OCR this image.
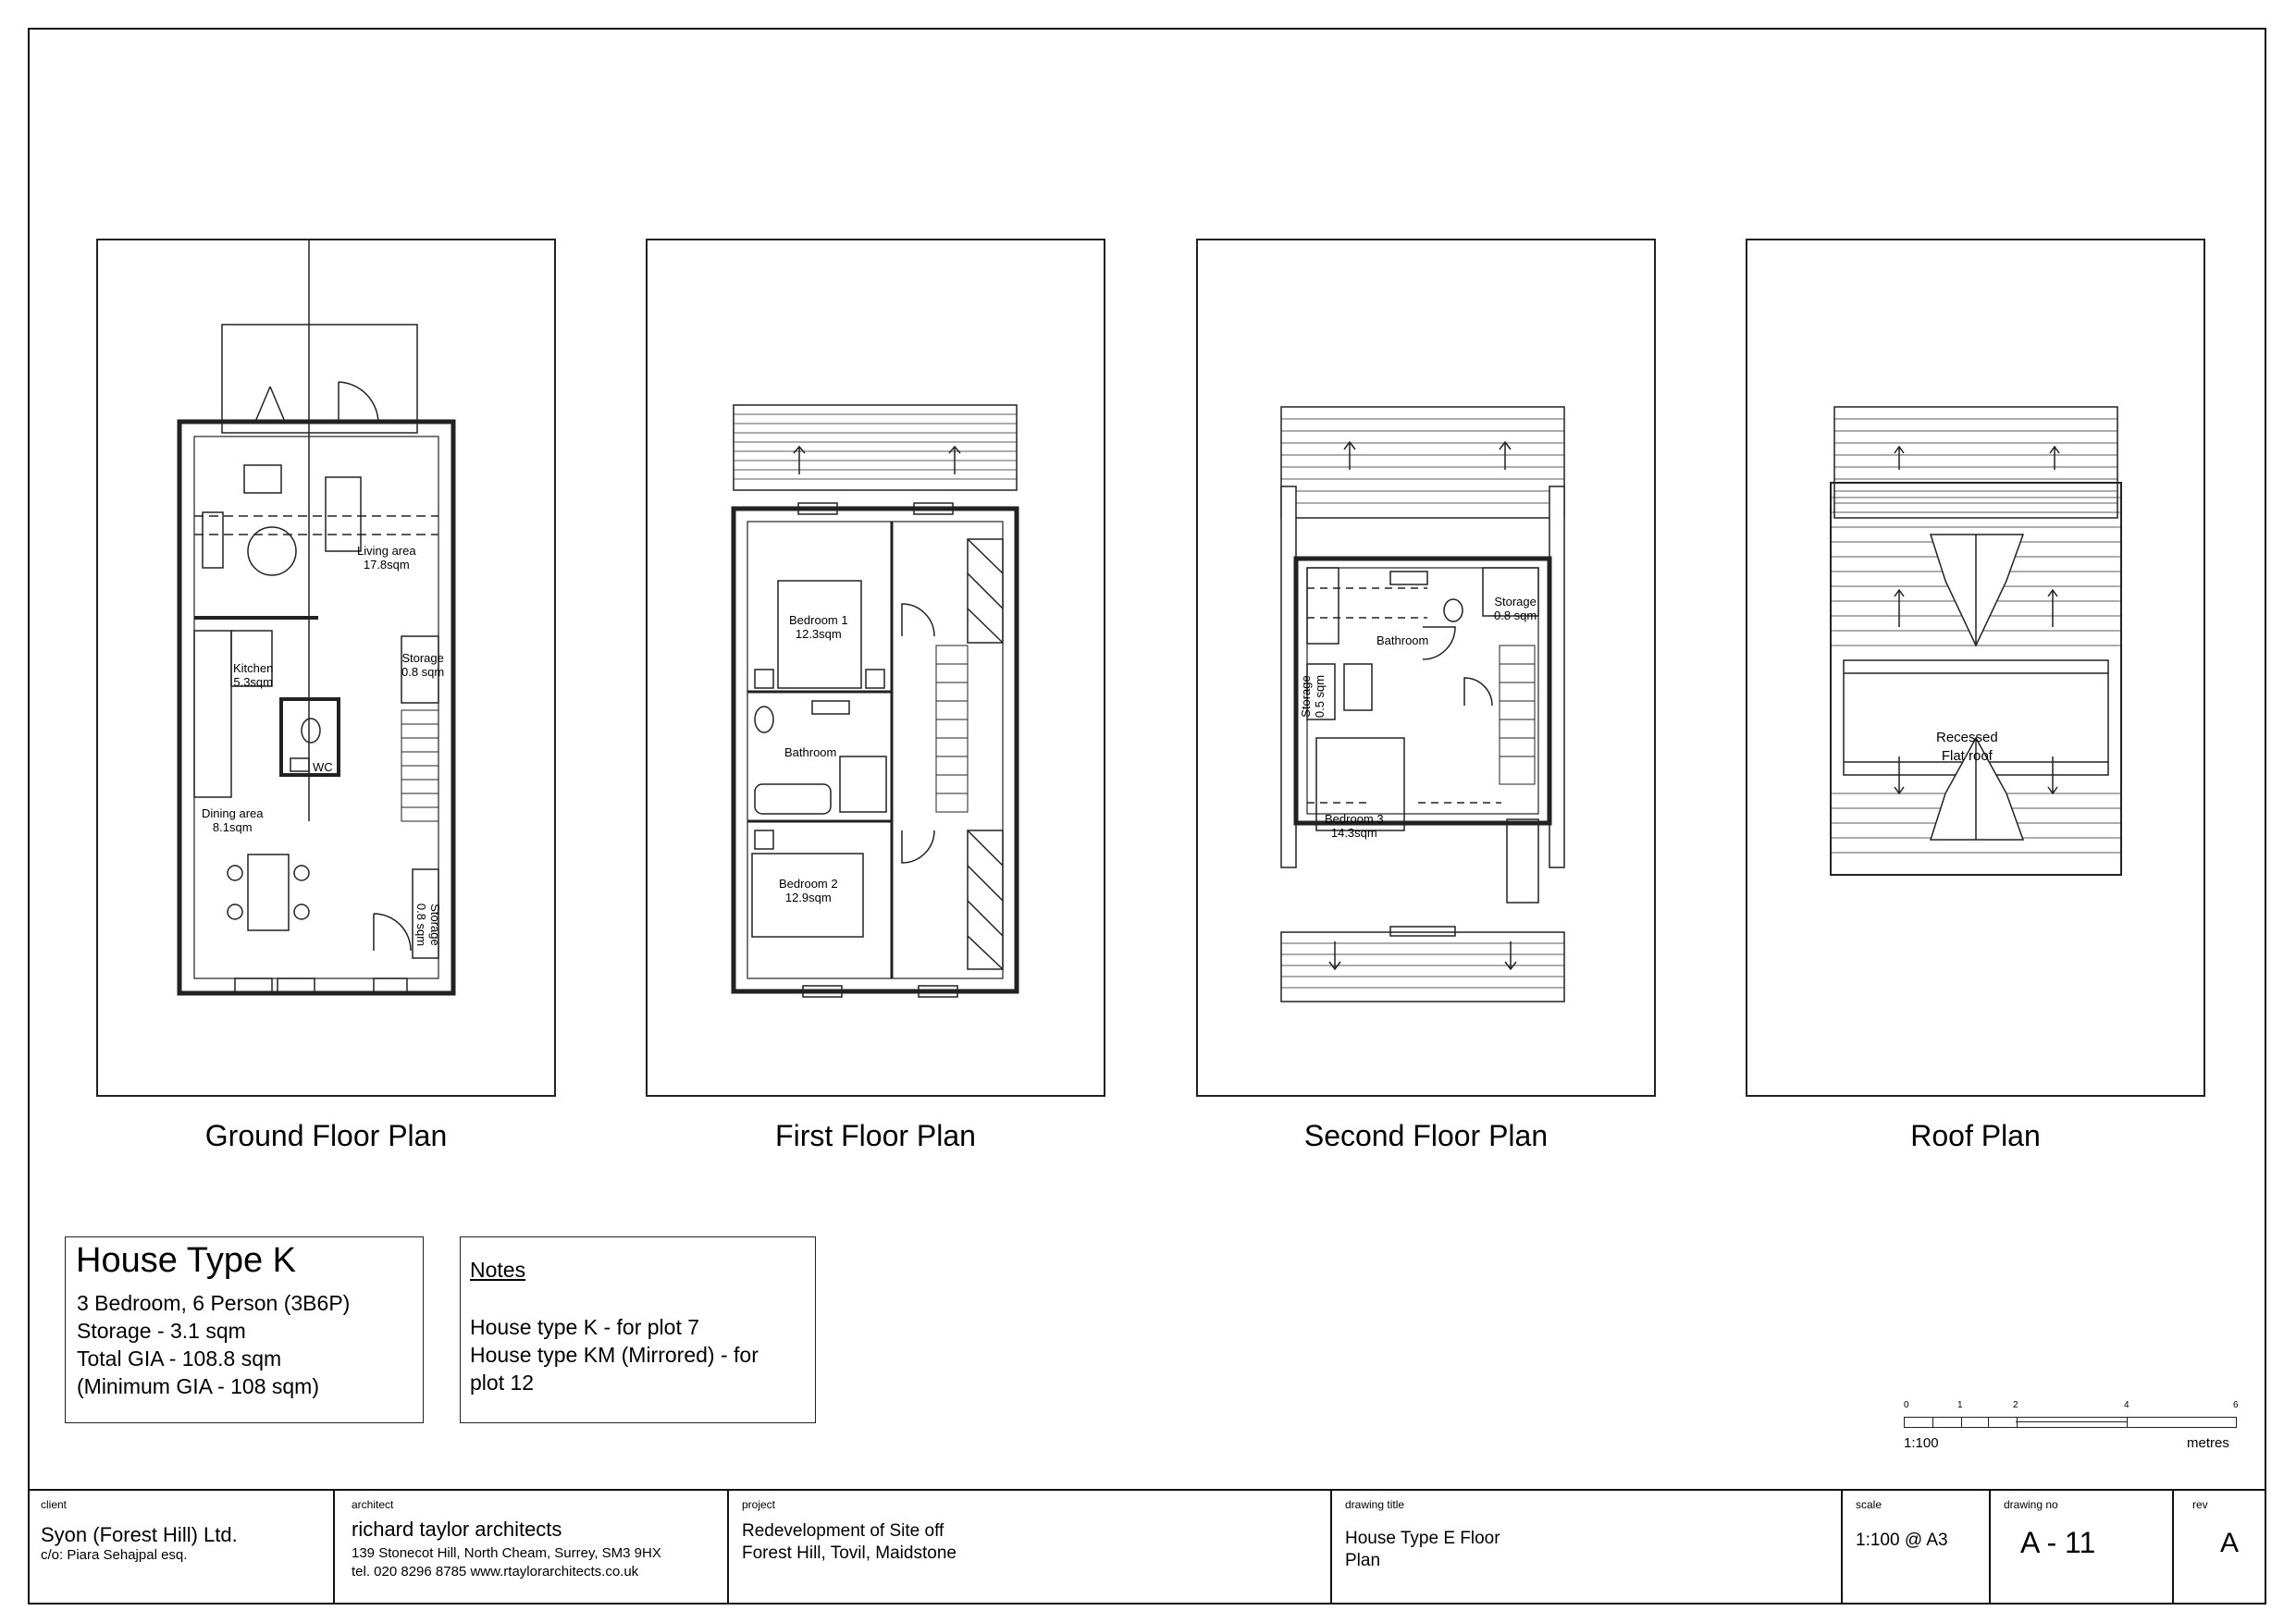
Living area
17.8sqm
Kitchen
5.3sqm
Storage
0.8 sqm
WC
Dining area
8.1sqm
Storage
0.8 sqm
Ground Floor Plan
Bedroom 1
12.3sqm
Bathroom
Bedroom 2
12.9sqm
First Floor Plan
Bathroom
Storage
0.8 sqm
Storage
0.5 sqm
Bedroom 3
14.3sqm
Second Floor Plan
Recessed
Flat roof
Roof Plan
House Type K
3 Bedroom, 6 Person (3B6P)
Storage - 3.1 sqm
Total GIA - 108.8 sqm
(Minimum GIA - 108 sqm)
Notes
House type K - for plot 7
House type KM (Mirrored) - for
plot 12
0	1	2	4	6
1:100	metres
client
Syon (Forest Hill) Ltd.
c/o: Piara Sehajpal esq.
architect
richard taylor architects
139 Stonecot Hill, North Cheam, Surrey, SM3 9HX
tel. 020 8296 8785 www.rtaylorarchitects.co.uk
project
Redevelopment of Site off
Forest Hill, Tovil, Maidstone
drawing title
House Type E Floor
Plan
scale
1:100 @ A3
drawing no
A - 11
rev
A
